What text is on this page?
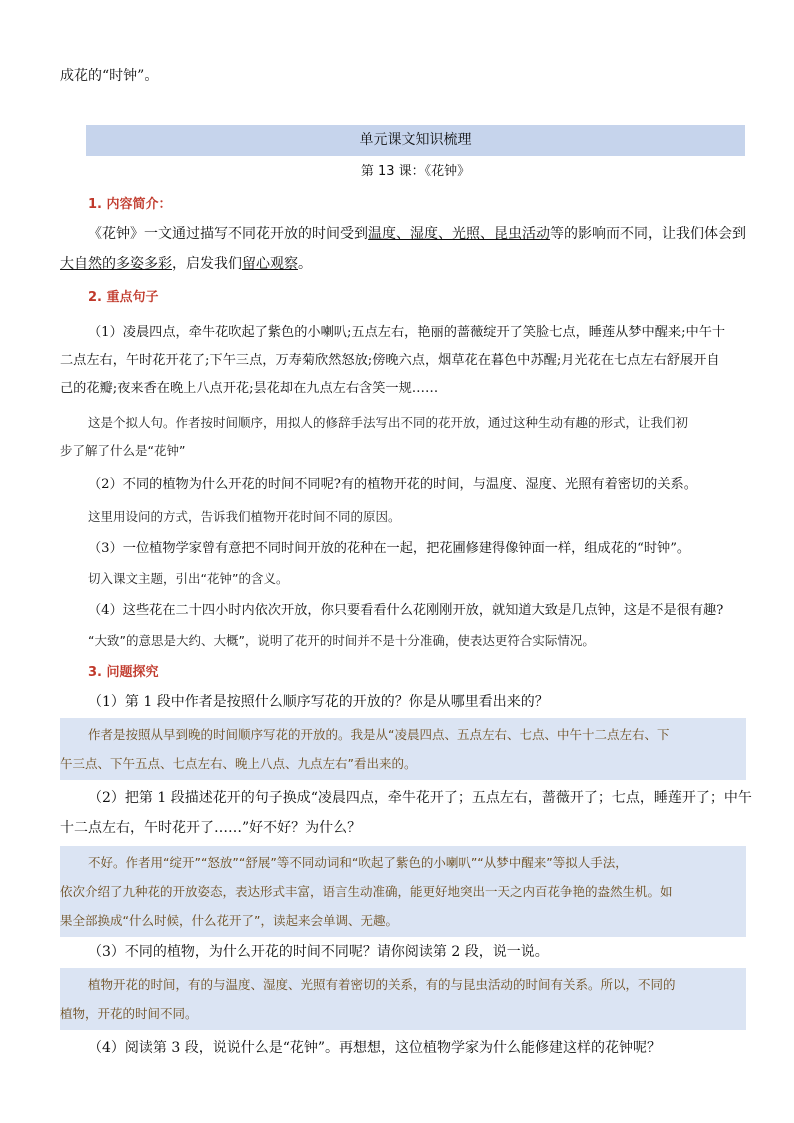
成花的“时钟”。

单元课文知识梳理
第 13 课：《花钟》

1. 内容简介：

《花钟》一文通过描写不同花开放的时间受到温度、湿度、光照、昆虫活动等的影响而不同，让我们体会到

大自然的多姿多彩，启发我们留心观察。

2. 重点句子

（1）凌晨四点，牵牛花吹起了紫色的小喇叭;五点左右，艳丽的蔷薇绽开了笑脸七点，睡莲从梦中醒来;中午十

二点左右，午时花开花了;下午三点，万寿菊欣然怒放;傍晚六点，烟草花在暮色中苏醒;月光花在七点左右舒展开自

己的花瓣;夜来香在晚上八点开花;昙花却在九点左右含笑一规……

这是个拟人句。作者按时间顺序，用拟人的修辞手法写出不同的花开放，通过这种生动有趣的形式，让我们初

步了解了什么是“花钟”

（2）不同的植物为什么开花的时间不同呢?有的植物开花的时间，与温度、湿度、光照有着密切的关系。

这里用设问的方式，告诉我们植物开花时间不同的原因。

（3）一位植物学家曾有意把不同时间开放的花种在一起，把花圃修建得像钟面一样，组成花的“时钟”。

切入课文主题，引出“花钟”的含义。

（4）这些花在二十四小时内依次开放，你只要看看什么花刚刚开放，就知道大致是几点钟，这是不是很有趣?

“大致”的意思是大约、大概”，说明了花开的时间并不是十分准确，使表达更符合实际情况。

3. 问题探究

（1）第 1 段中作者是按照什么顺序写花的开放的？你是从哪里看出来的？

作者是按照从早到晚的时间顺序写花的开放的。我是从“凌晨四点、五点左右、七点、中午十二点左右、下
午三点、下午五点、七点左右、晚上八点、九点左右”看出来的。

（2）把第 1 段描述花开的句子换成“凌晨四点，牵牛花开了；五点左右，蔷薇开了；七点，睡莲开了；中午

十二点左右，午时花开了……”好不好？为什么？

不好。作者用“绽开”“怒放”“舒展”等不同动词和“吹起了紫色的小喇叭”“从梦中醒来”等拟人手法，
依次介绍了九种花的开放姿态，表达形式丰富，语言生动准确，能更好地突出一天之内百花争艳的盎然生机。如
果全部换成“什么时候，什么花开了”，读起来会单调、无趣。

（3）不同的植物，为什么开花的时间不同呢？请你阅读第 2 段，说一说。

植物开花的时间，有的与温度、湿度、光照有着密切的关系，有的与昆虫活动的时间有关系。所以，不同的
植物，开花的时间不同。

（4）阅读第 3 段，说说什么是“花钟”。再想想，这位植物学家为什么能修建这样的花钟呢？
